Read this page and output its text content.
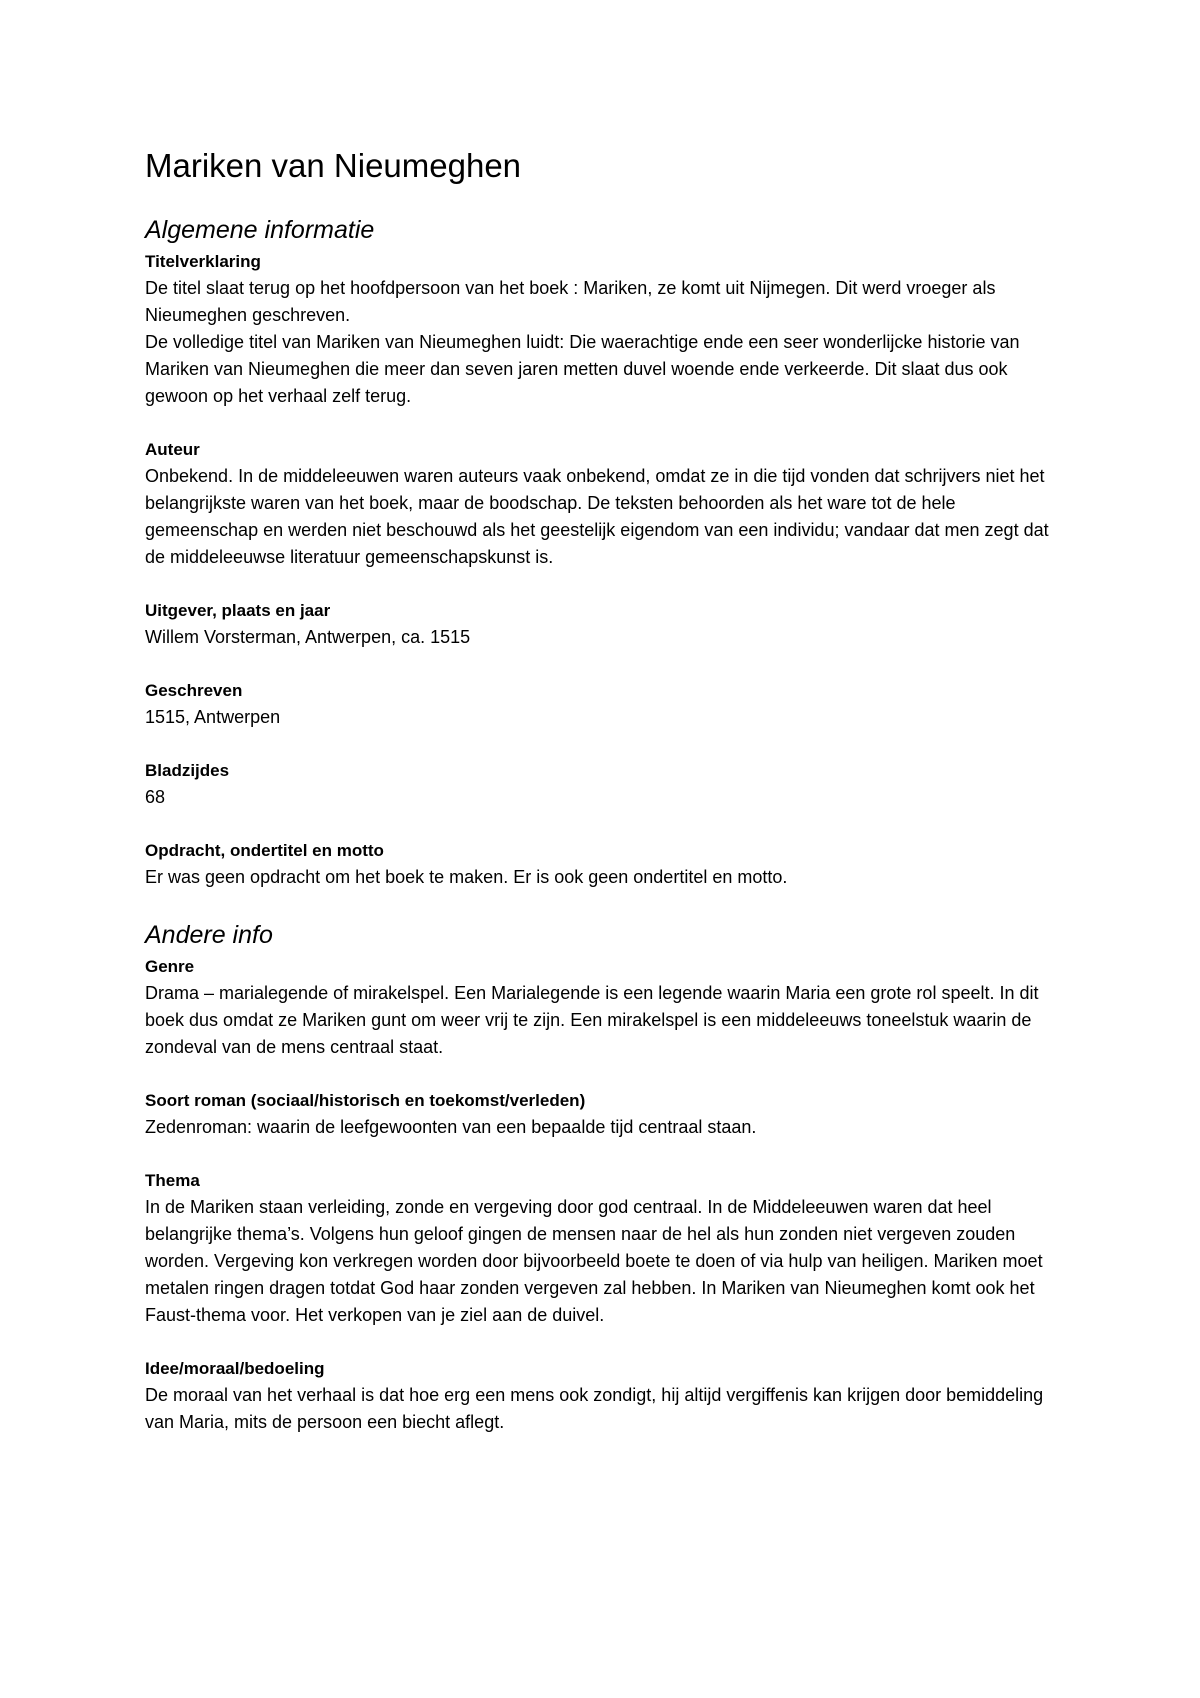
Mariken van Nieumeghen
Algemene informatie
Titelverklaring

De titel slaat terug op het hoofdpersoon van het boek : Mariken, ze komt uit Nijmegen. Dit werd vroeger als Nieumeghen geschreven.

De volledige titel van Mariken van Nieumeghen luidt: Die waerachtige ende een seer wonderlijcke historie van Mariken van Nieumeghen die meer dan seven jaren metten duvel woende ende verkeerde. Dit slaat dus ook gewoon op het verhaal zelf terug.

Auteur

Onbekend. In de middeleeuwen waren auteurs vaak onbekend, omdat ze in die tijd vonden dat schrijvers niet het belangrijkste waren van het boek, maar de boodschap. De teksten behoorden als het ware tot de hele gemeenschap en werden niet beschouwd als het geestelijk eigendom van een individu; vandaar dat men zegt dat de middeleeuwse literatuur gemeenschapskunst is.

Uitgever, plaats en jaar

Willem Vorsterman, Antwerpen, ca. 1515

Geschreven

1515, Antwerpen

Bladzijdes

68

Opdracht, ondertitel en motto

Er was geen opdracht om het boek te maken. Er is ook geen ondertitel en motto.

Andere info
Genre

Drama – marialegende of mirakelspel. Een Marialegende is een legende waarin Maria een grote rol speelt. In dit boek dus omdat ze Mariken gunt om weer vrij te zijn. Een mirakelspel is een middeleeuws toneelstuk waarin de zondeval van de mens centraal staat.

Soort roman (sociaal/historisch en toekomst/verleden)

Zedenroman: waarin de leefgewoonten van een bepaalde tijd centraal staan.

Thema

In de Mariken staan verleiding, zonde en vergeving door god centraal. In de Middeleeuwen waren dat heel belangrijke thema’s. Volgens hun geloof gingen de mensen naar de hel als hun zonden niet vergeven zouden worden. Vergeving kon verkregen worden door bijvoorbeeld boete te doen of via hulp van heiligen. Mariken moet metalen ringen dragen totdat God haar zonden vergeven zal hebben. In Mariken van Nieumeghen komt ook het Faust-thema voor. Het verkopen van je ziel aan de duivel.

Idee/moraal/bedoeling

De moraal van het verhaal is dat hoe erg een mens ook zondigt, hij altijd vergiffenis kan krijgen door bemiddeling van Maria, mits de persoon een biecht aflegt.
